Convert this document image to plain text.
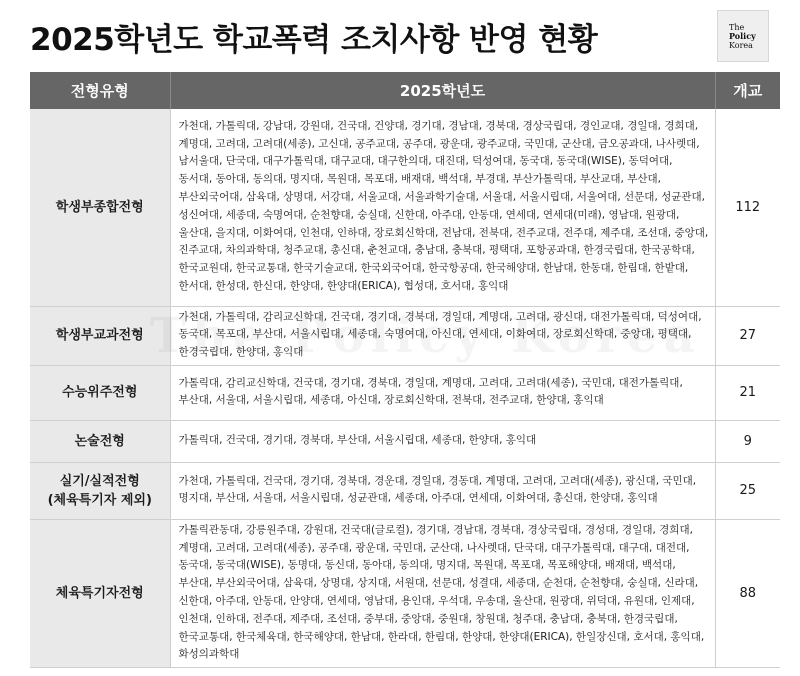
2025학년도 학교폭력 조치사항 반영 현황	The
Policy
Korea
전형유형	2025학년도	개교
학생부종합전형	가천대, 가톨릭대, 강남대, 강원대, 건국대, 건양대, 경기대, 경남대, 경북대, 경상국립대, 경인교대, 경일대, 경희대, 계명대, 고려대, 고려대(세종), 고신대, 공주교대, 공주대, 광운대, 광주교대, 국민대, 군산대, 금오공과대, 나사렛대, 남서울대, 단국대, 대구가톨릭대, 대구교대, 대구한의대, 대진대, 덕성여대, 동국대, 동국대(WISE), 동덕여대, 동서대, 동아대, 동의대, 명지대, 목원대, 목포대, 배재대, 백석대, 부경대, 부산가톨릭대, 부산교대, 부산대, 부산외국어대, 삼육대, 상명대, 서강대, 서울교대, 서울과학기술대, 서울대, 서울시립대, 서울여대, 선문대, 성균관대, 성신여대, 세종대, 숙명여대, 순천향대, 숭실대, 신한대, 아주대, 안동대, 연세대, 연세대(미래), 영남대, 원광대, 울산대, 을지대, 이화여대, 인천대, 인하대, 장로회신학대, 전남대, 전북대, 전주교대, 전주대, 제주대, 조선대, 중앙대, 진주교대, 차의과학대, 청주교대, 총신대, 춘천교대, 충남대, 충북대, 평택대, 포항공과대, 한경국립대, 한국공학대, 한국교원대, 한국교통대, 한국기술교대, 한국외국어대, 한국항공대, 한국해양대, 한남대, 한동대, 한림대, 한밭대, 한서대, 한성대, 한신대, 한양대, 한양대(ERICA), 협성대, 호서대, 홍익대	112
학생부교과전형	가천대, 가톨릭대, 감리교신학대, 건국대, 경기대, 경북대, 경일대, 계명대, 고려대, 광신대, 대전가톨릭대, 덕성여대, 동국대, 목포대, 부산대, 서울시립대, 세종대, 숙명여대, 아신대, 연세대, 이화여대, 장로회신학대, 중앙대, 평택대, 한경국립대, 한양대, 홍익대	27
수능위주전형	가톨릭대, 감리교신학대, 건국대, 경기대, 경북대, 경일대, 계명대, 고려대, 고려대(세종), 국민대, 대전가톨릭대, 부산대, 서울대, 서울시립대, 세종대, 아신대, 장로회신학대, 전북대, 전주교대, 한양대, 홍익대	21
논술전형	가톨릭대, 건국대, 경기대, 경북대, 부산대, 서울시립대, 세종대, 한양대, 홍익대	9
실기/실적전형
(체육특기자 제외)	가천대, 가톨릭대, 건국대, 경기대, 경북대, 경운대, 경일대, 경동대, 계명대, 고려대, 고려대(세종), 광신대, 국민대, 명지대, 부산대, 서울대, 서울시립대, 성균관대, 세종대, 아주대, 연세대, 이화여대, 총신대, 한양대, 홍익대	25
체육특기자전형	가톨릭관동대, 강릉원주대, 강원대, 건국대(글로컬), 경기대, 경남대, 경북대, 경상국립대, 경성대, 경일대, 경희대, 계명대, 고려대, 고려대(세종), 공주대, 광운대, 국민대, 군산대, 나사렛대, 단국대, 대구가톨릭대, 대구대, 대전대, 동국대, 동국대(WISE), 동명대, 동신대, 동아대, 동의대, 명지대, 목원대, 목포대, 목포해양대, 배재대, 백석대, 부산대, 부산외국어대, 삼육대, 상명대, 상지대, 서원대, 선문대, 성결대, 세종대, 순천대, 순천향대, 숭실대, 신라대, 신한대, 아주대, 안동대, 안양대, 연세대, 영남대, 용인대, 우석대, 우송대, 울산대, 원광대, 위덕대, 유원대, 인제대, 인천대, 인하대, 전주대, 제주대, 조선대, 중부대, 중앙대, 중원대, 창원대, 청주대, 충남대, 충북대, 한경국립대, 한국교통대, 한국체육대, 한국해양대, 한남대, 한라대, 한림대, 한양대, 한양대(ERICA), 한일장신대, 호서대, 홍익대, 화성의과학대	88
